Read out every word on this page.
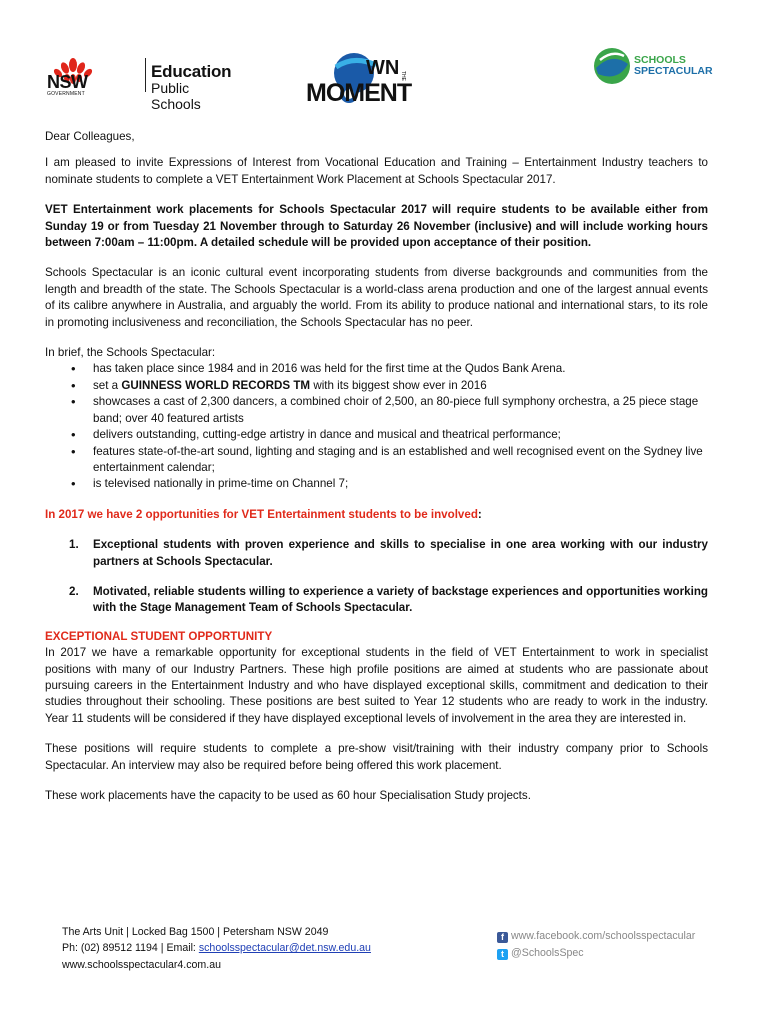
NSW
GOVERNMENT
Education
Public Schools
WN THE
MOMENT
SCHOOLS
SPECTACULAR

Dear Colleagues,

I am pleased to invite Expressions of Interest from Vocational Education and Training – Entertainment Industry teachers to nominate students to complete a VET Entertainment Work Placement at Schools Spectacular 2017.

VET Entertainment work placements for Schools Spectacular 2017 will require students to be available either from Sunday 19 or from Tuesday 21 November through to Saturday 26 November (inclusive) and will include working hours between 7:00am – 11:00pm. A detailed schedule will be provided upon acceptance of their position.

Schools Spectacular is an iconic cultural event incorporating students from diverse backgrounds and communities from the length and breadth of the state. The Schools Spectacular is a world-class arena production and one of the largest annual events of its calibre anywhere in Australia, and arguably the world. From its ability to produce national and international stars, to its role in promoting inclusiveness and reconciliation, the Schools Spectacular has no peer.

In brief, the Schools Spectacular:

• has taken place since 1984 and in 2016 was held for the first time at the Qudos Bank Arena.
• set a GUINNESS WORLD RECORDS TM with its biggest show ever in 2016
• showcases a cast of 2,300 dancers, a combined choir of 2,500, an 80-piece full symphony orchestra, a 25 piece stage band; over 40 featured artists
• delivers outstanding, cutting-edge artistry in dance and musical and theatrical performance;
• features state-of-the-art sound, lighting and staging and is an established and well recognised event on the Sydney live entertainment calendar;
• is televised nationally in prime-time on Channel 7;

In 2017 we have 2 opportunities for VET Entertainment students to be involved:

1. Exceptional students with proven experience and skills to specialise in one area working with our industry partners at Schools Spectacular.
2. Motivated, reliable students willing to experience a variety of backstage experiences and opportunities working with the Stage Management Team of Schools Spectacular.

EXCEPTIONAL STUDENT OPPORTUNITY

In 2017 we have a remarkable opportunity for exceptional students in the field of VET Entertainment to work in specialist positions with many of our Industry Partners. These high profile positions are aimed at students who are passionate about pursuing careers in the Entertainment Industry and who have displayed exceptional skills, commitment and dedication to their studies throughout their schooling. These positions are best suited to Year 12 students who are ready to work in the industry. Year 11 students will be considered if they have displayed exceptional levels of involvement in the area they are interested in.

These positions will require students to complete a pre-show visit/training with their industry company prior to Schools Spectacular. An interview may also be required before being offered this work placement.

These work placements have the capacity to be used as 60 hour Specialisation Study projects.

The Arts Unit | Locked Bag 1500 | Petersham NSW 2049
Ph: (02) 89512 1194 | Email: schoolsspectacular@det.nsw.edu.au
www.schoolsspectacular4.com.au
f www.facebook.com/schoolsspectacular
t @SchoolsSpec
